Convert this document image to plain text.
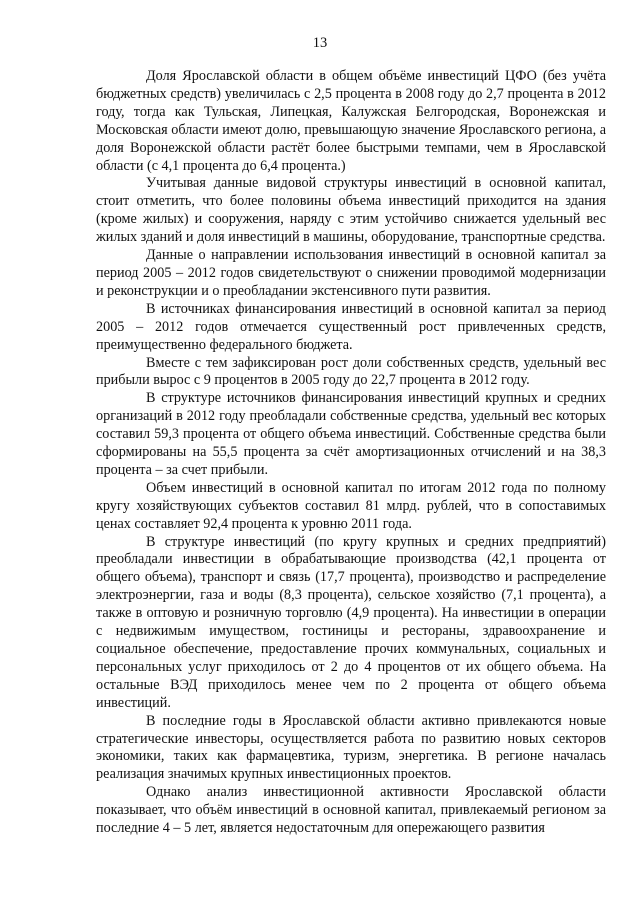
13

Доля Ярославской области в общем объёме инвестиций ЦФО (без учёта бюджетных средств) увеличилась с 2,5 процента в 2008 году до 2,7 процента в 2012 году, тогда как Тульская, Липецкая, Калужская Белгородская, Воронежская и Московская области имеют долю, превышающую значение Ярославского региона, а доля Воронежской области растёт более быстрыми темпами, чем в Ярославской области (с 4,1 процента до 6,4 процента.)

Учитывая данные видовой структуры инвестиций в основной капитал, стоит отметить, что более половины объема инвестиций приходится на здания (кроме жилых) и сооружения, наряду с этим устойчиво снижается удельный вес жилых зданий и доля инвестиций в машины, оборудование, транспортные средства.

Данные о направлении использования инвестиций в основной капитал за период 2005 – 2012 годов свидетельствуют о снижении проводимой модернизации и реконструкции и о преобладании экстенсивного пути развития.

В источниках финансирования инвестиций в основной капитал за период 2005 – 2012 годов отмечается существенный рост привлеченных средств, преимущественно федерального бюджета.

Вместе с тем зафиксирован рост доли собственных средств, удельный вес прибыли вырос с 9 процентов в 2005 году до 22,7 процента в 2012 году.

В структуре источников финансирования инвестиций крупных и средних организаций в 2012 году преобладали собственные средства, удельный вес которых составил 59,3 процента от общего объема инвестиций. Собственные средства были сформированы на 55,5 процента за счёт амортизационных отчислений и на 38,3 процента – за счет прибыли.

Объем инвестиций в основной капитал по итогам 2012 года по полному кругу хозяйствующих субъектов составил 81 млрд. рублей, что в сопоставимых ценах составляет 92,4 процента к уровню 2011 года.

В структуре инвестиций (по кругу крупных и средних предприятий) преобладали инвестиции в обрабатывающие производства (42,1 процента от общего объема), транспорт и связь (17,7 процента), производство и распределение электроэнергии, газа и воды (8,3 процента), сельское хозяйство (7,1 процента), а также в оптовую и розничную торговлю (4,9 процента). На инвестиции в операции с недвижимым имуществом, гостиницы и рестораны, здравоохранение и социальное обеспечение, предоставление прочих коммунальных, социальных и персональных услуг приходилось от 2 до 4 процентов от их общего объема. На остальные ВЭД приходилось менее чем по 2 процента от общего объема инвестиций.

В последние годы в Ярославской области активно привлекаются новые стратегические инвесторы, осуществляется работа по развитию новых секторов экономики, таких как фармацевтика, туризм, энергетика. В регионе началась реализация значимых крупных инвестиционных проектов.

Однако анализ инвестиционной активности Ярославской области показывает, что объём инвестиций в основной капитал, привлекаемый регионом за последние 4 – 5 лет, является недостаточным для опережающего развития
